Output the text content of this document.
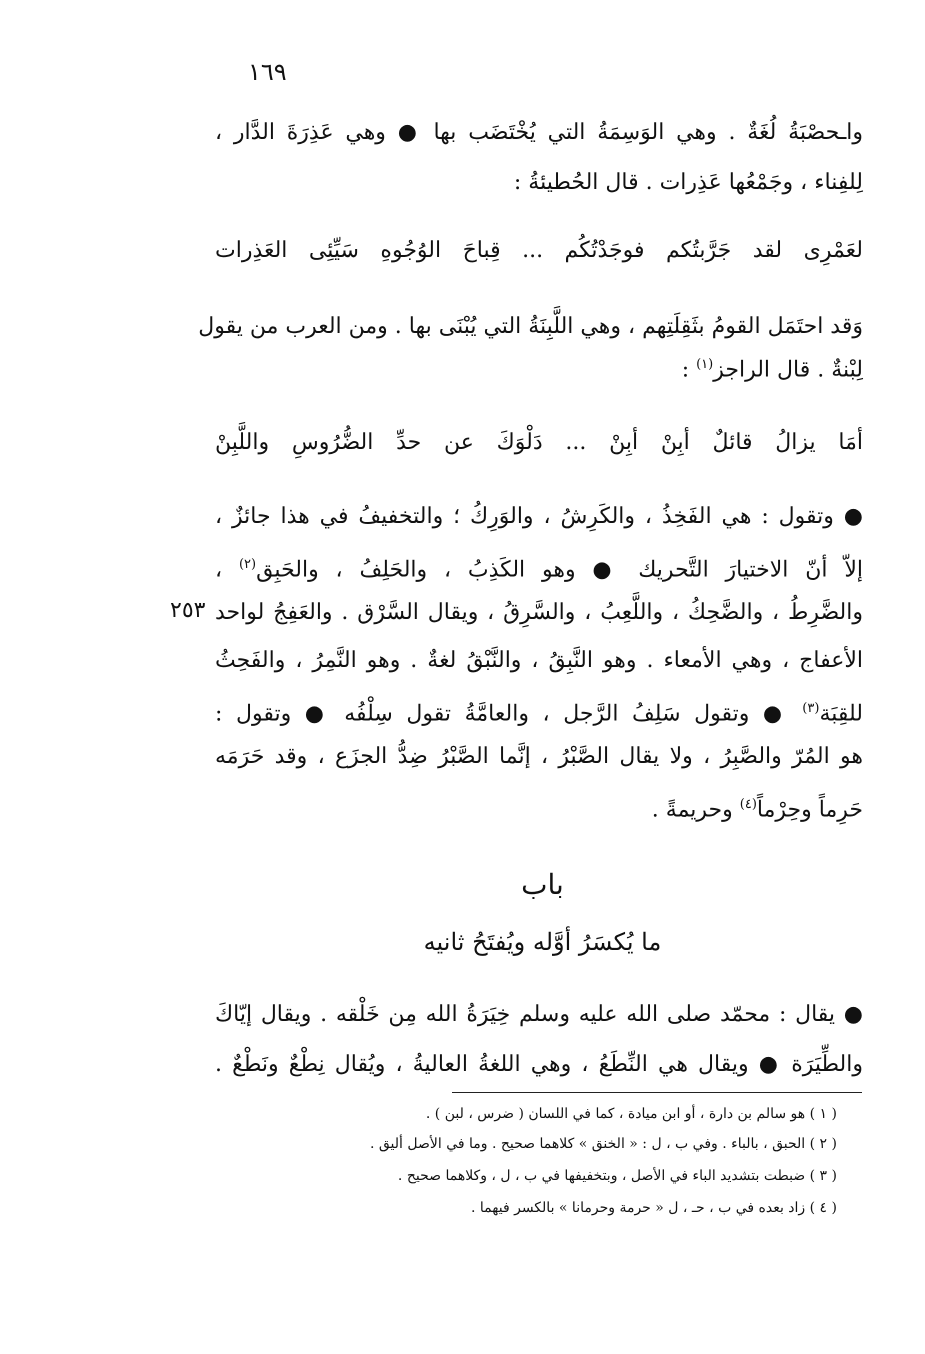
١٦٩
واـحصْبَةُ لُغَةٌ . وهي الوَسِمَةُ التي يُخْتَضَب بها ● وهي عَذِرَةَ الدَّار ،
لِلفِناء ، وجَمْعُها عَذِرات . قال الحُطيئةُ :
لعَمْرِى لقد جَرَّبتُكم فوجَدْتُكُم ... قِباحَ الوُجُوهِ سَيِّئِى العَذِرات
وَقد احتَمَل القومُ بثَقِلَتِهم ، وهي اللَّبِنَةُ التي يُبْنَى بها . ومن العرب من يقول
لِبْنةٌ . قال الراجز$^{(١)}$ :
أمَا يزالُ قائلٌ أبِنْ أبِنْ ... دَلْوَكَ عن حدِّ الضُّرُوسِ واللَّبِنْ
● وتقول : هي الفَخِذُ ، والكَرِشُ ، والوَرِكُ ؛ والتخفيفُ في هذا جائزٌ ،
إلاّ أنّ الاختيارَ التَّحريك ● وهو الكَذِبُ ، والحَلِفُ ، والحَبِق$^{(٢)}$ ،
والضَّرِطُ ، والضَّحِكُ ، واللَّعِبُ ، والسَّرِقُ ، ويقال السَّرْق . والعَفِجُ لواحد
٢٥٣
الأعفاج ، وهي الأمعاء . وهو النَّبِقُ ، والنَّبْقُ لغةٌ . وهو النَّمِرُ ، والفَحِثُ
للقِبَة$^{(٣)}$ ● وتقول سَلِفُ الرَّجل ، والعامَّةُ تقول سِلْفُه ● وتقول :
هو المُرّ والصَّبِرُ ، ولا يقال الصَّبْرُ ، إنَّما الصَّبْرُ ضِدُّ الجزَع ، وقد حَرَمَه
حَرِماً وحِرْماً$^{(٤)}$ وحريمةً .
باب
ما يُكسَرُ أوَّله ويُفتَحُ ثانيه
● يقال : محمّد صلى الله عليه وسلم خِيَرَةُ الله مِن خَلْقه . ويقال إيّاكَ
والطِّيَرَة ● ويقال هي النِّطَعُ ، وهي اللغةُ العاليةُ ، ويُقال نِطْعٌ ونَطْعٌ .
( ١ ) هو سالم بن دارة ، أو ابن ميادة ، كما في اللسان ( ضرس ، لبن ) .
( ٢ ) الحبق ، بالباء . وفي ب ، ل : « الخنق » كلاهما صحيح . وما في الأصل أليق .
( ٣ ) ضبطت بتشديد الباء في الأصل ، وبتخفيفها في ب ، ل ، وكلاهما صحيح .
( ٤ ) زاد بعده في ب ، حـ ، ل « حرمة وحرمانا » بالكسر فيهما .
